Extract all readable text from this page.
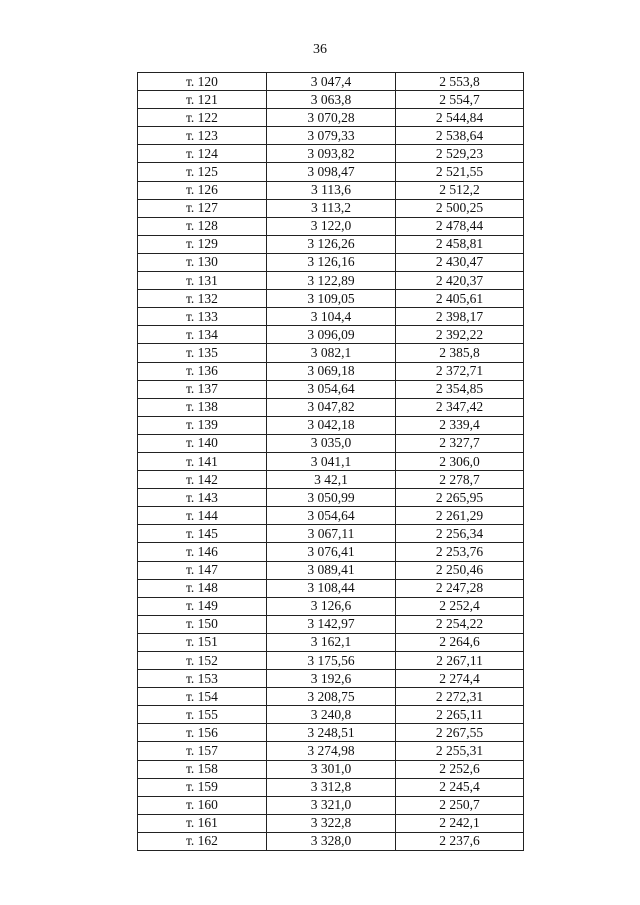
36
т. 120	3 047,4	2 553,8
т. 121	3 063,8	2 554,7
т. 122	3 070,28	2 544,84
т. 123	3 079,33	2 538,64
т. 124	3 093,82	2 529,23
т. 125	3 098,47	2 521,55
т. 126	3 113,6	2 512,2
т. 127	3 113,2	2 500,25
т. 128	3 122,0	2 478,44
т. 129	3 126,26	2 458,81
т. 130	3 126,16	2 430,47
т. 131	3 122,89	2 420,37
т. 132	3 109,05	2 405,61
т. 133	3 104,4	2 398,17
т. 134	3 096,09	2 392,22
т. 135	3 082,1	2 385,8
т. 136	3 069,18	2 372,71
т. 137	3 054,64	2 354,85
т. 138	3 047,82	2 347,42
т. 139	3 042,18	2 339,4
т. 140	3 035,0	2 327,7
т. 141	3 041,1	2 306,0
т. 142	3 42,1	2 278,7
т. 143	3 050,99	2 265,95
т. 144	3 054,64	2 261,29
т. 145	3 067,11	2 256,34
т. 146	3 076,41	2 253,76
т. 147	3 089,41	2 250,46
т. 148	3 108,44	2 247,28
т. 149	3 126,6	2 252,4
т. 150	3 142,97	2 254,22
т. 151	3 162,1	2 264,6
т. 152	3 175,56	2 267,11
т. 153	3 192,6	2 274,4
т. 154	3 208,75	2 272,31
т. 155	3 240,8	2 265,11
т. 156	3 248,51	2 267,55
т. 157	3 274,98	2 255,31
т. 158	3 301,0	2 252,6
т. 159	3 312,8	2 245,4
т. 160	3 321,0	2 250,7
т. 161	3 322,8	2 242,1
т. 162	3 328,0	2 237,6
